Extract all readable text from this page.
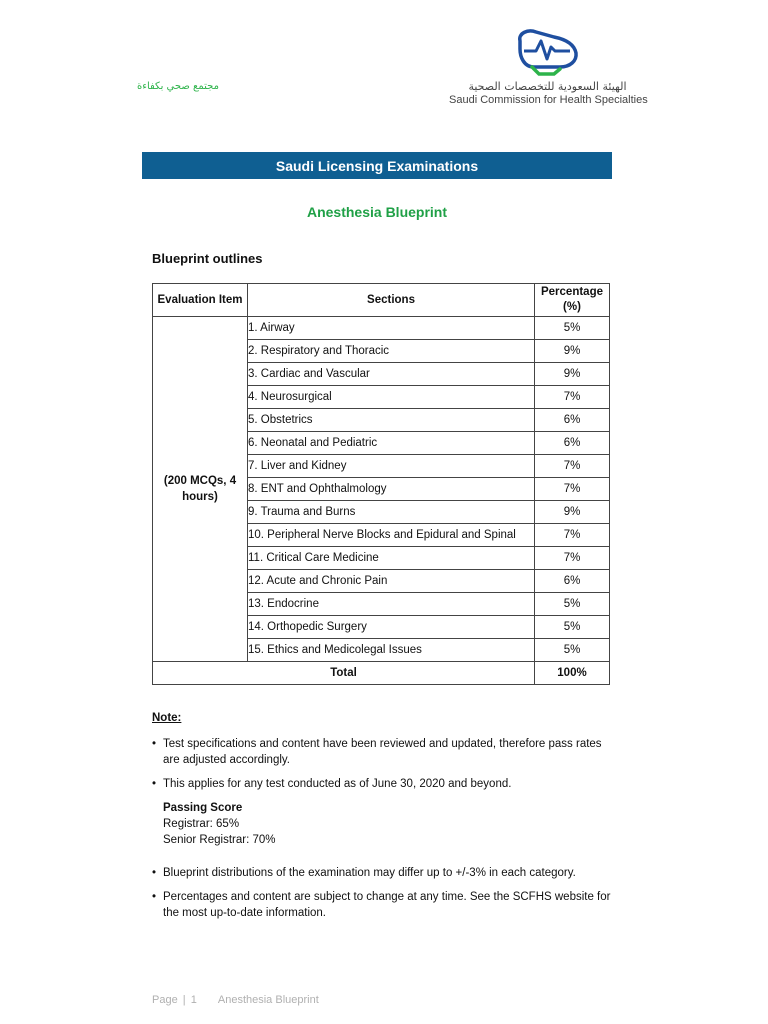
مجتمع صحي بكفاءة	الهيئة السعودية للتخصصات الصحية
Saudi Commission for Health Specialties
Saudi Licensing Examinations
Anesthesia Blueprint
Blueprint outlines
Evaluation Item	Sections	Percentage (%)
(200 MCQs, 4 hours)	1. Airway	5%
	2. Respiratory and Thoracic	9%
	3. Cardiac and Vascular	9%
	4. Neurosurgical	7%
	5. Obstetrics	6%
	6. Neonatal and Pediatric	6%
	7. Liver and Kidney	7%
	8. ENT and Ophthalmology	7%
	9. Trauma and Burns	9%
	10. Peripheral Nerve Blocks and Epidural and Spinal	7%
	11. Critical Care Medicine	7%
	12. Acute and Chronic Pain	6%
	13. Endocrine	5%
	14. Orthopedic Surgery	5%
	15. Ethics and Medicolegal Issues	5%
Total		100%
Note:
• Test specifications and content have been reviewed and updated, therefore pass rates are adjusted accordingly.
• This applies for any test conducted as of June 30, 2020 and beyond.
Passing Score
Registrar: 65%
Senior Registrar: 70%
• Blueprint distributions of the examination may differ up to +/-3% in each category.
• Percentages and content are subject to change at any time. See the SCFHS website for the most up-to-date information.
Page | 1 Anesthesia Blueprint
